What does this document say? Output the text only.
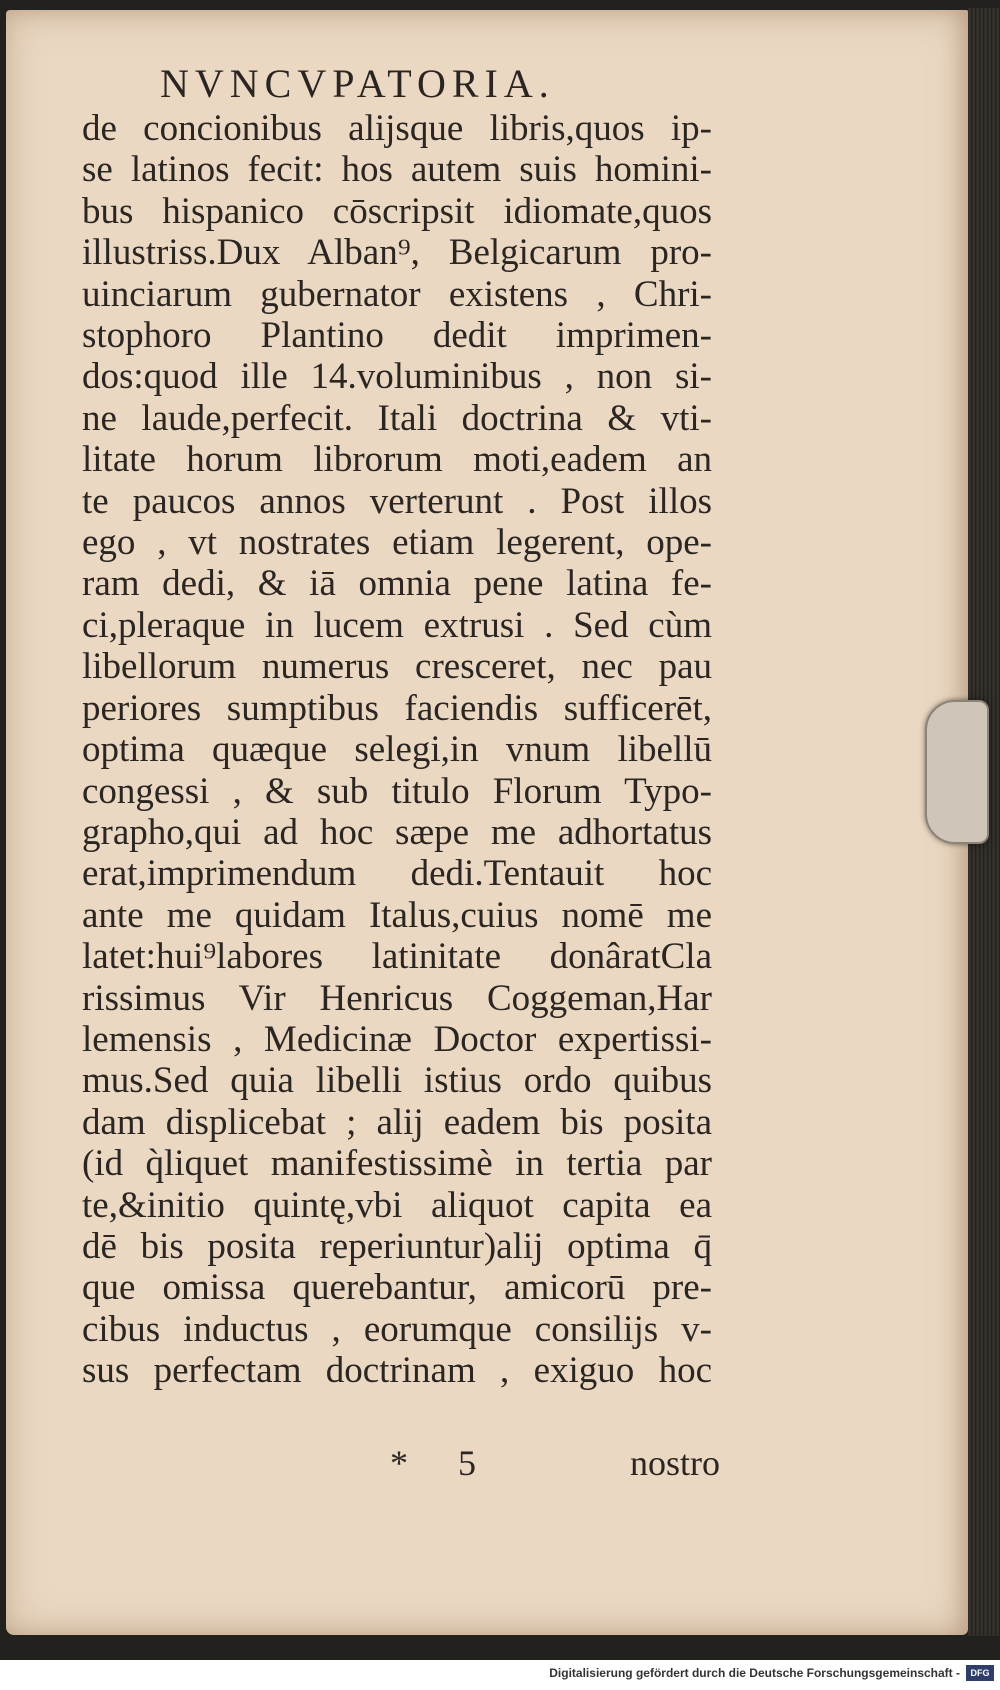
NVNCVPATORIA.
de concionibus alijsque libris,quos ip-
se latinos fecit: hos autem suis homini-
bus hispanico cōscripsit idiomate,quos
illustriss.Dux Alban⁹, Belgicarum pro-
uinciarum gubernator existens , Chri-
stophoro Plantino dedit imprimen-
dos:quod ille 14.voluminibus , non si-
ne laude,perfecit. Itali doctrina & vti-
litate horum librorum moti,eadem an
te paucos annos verterunt . Post illos
ego , vt nostrates etiam legerent, ope-
ram dedi, & iā omnia pene latina fe-
ci,pleraque in lucem extrusi . Sed cùm
libellorum numerus cresceret, nec pau
periores sumptibus faciendis sufficerēt,
optima quæque selegi,in vnum libellū
congessi , & sub titulo Florum Typo-
grapho,qui ad hoc sæpe me adhortatus
erat,imprimendum dedi.Tentauit hoc
ante me quidam Italus,cuius nomē me
latet:hui⁹labores latinitate donâratCla
rissimus Vir Henricus Coggeman,Har
lemensis , Medicinæ Doctor expertissi-
mus.Sed quia libelli istius ordo quibus
dam displicebat ; alij eadem bis posita
(id q̀liquet manifestissimè in tertia par
te,&initio quintę,vbi aliquot capita ea
dē bis posita reperiuntur)alij optima q̄
que omissa querebantur, amicorū pre-
cibus inductus , eorumque consilijs v-
sus perfectam doctrinam , exiguo hoc
* 5	nostro
Digitalisierung gefördert durch die Deutsche Forschungsgemeinschaft -	DFG
